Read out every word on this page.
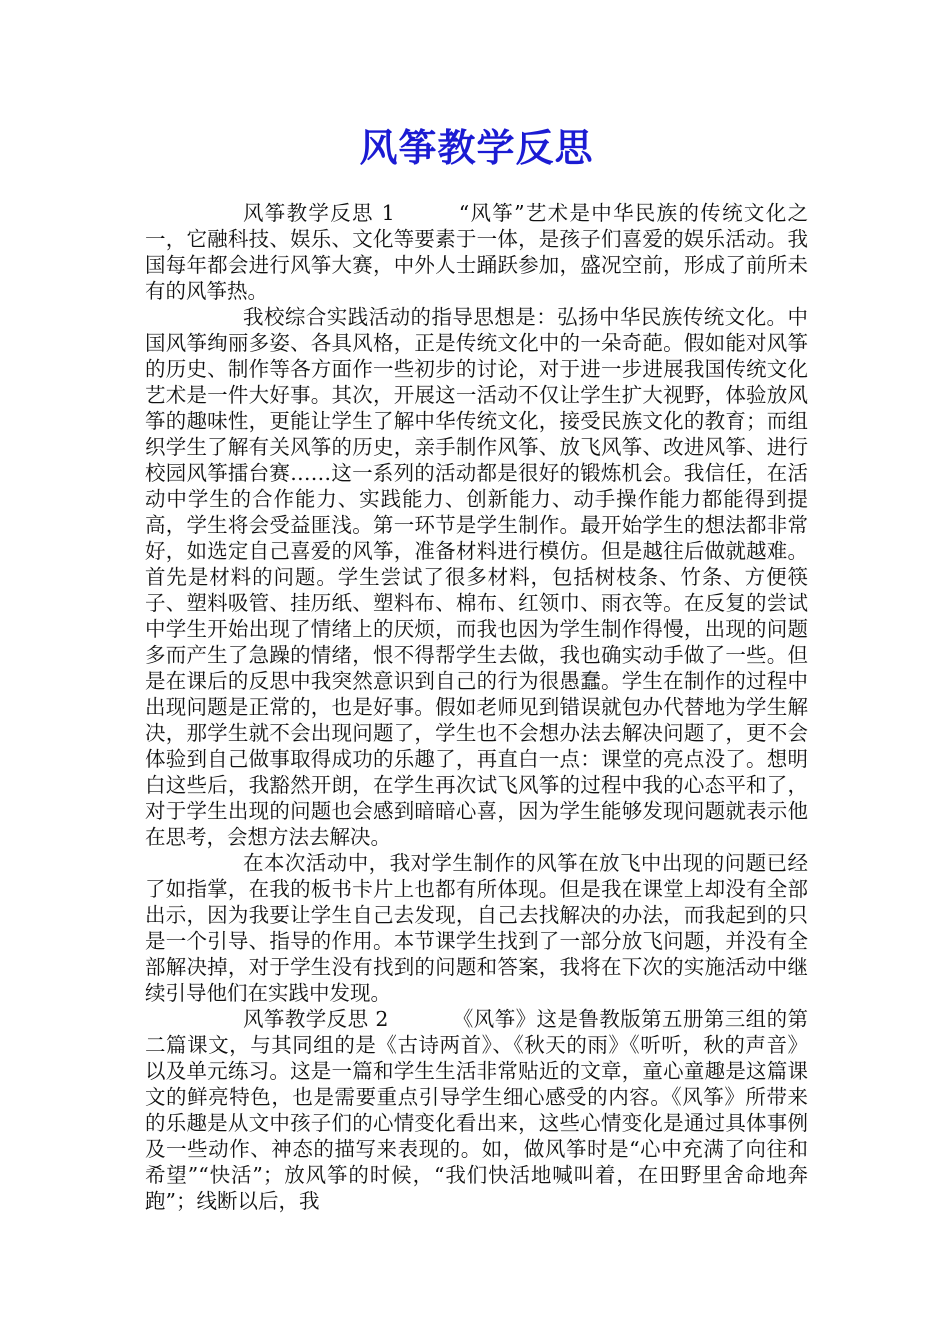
风筝教学反思

风筝教学反思 1	“风筝”艺术是中华民族的传统文化之一，它融科技、娱乐、文化等要素于一体，是孩子们喜爱的娱乐活动。我国每年都会进行风筝大赛，中外人士踊跃参加，盛况空前，形成了前所未有的风筝热。

我校综合实践活动的指导思想是：弘扬中华民族传统文化。中国风筝绚丽多姿、各具风格，正是传统文化中的一朵奇葩。假如能对风筝的历史、制作等各方面作一些初步的讨论，对于进一步进展我国传统文化艺术是一件大好事。其次，开展这一活动不仅让学生扩大视野，体验放风筝的趣味性，更能让学生了解中华传统文化，接受民族文化的教育；而组织学生了解有关风筝的历史，亲手制作风筝、放飞风筝、改进风筝、进行校园风筝擂台赛……这一系列的活动都是很好的锻炼机会。我信任，在活动中学生的合作能力、实践能力、创新能力、动手操作能力都能得到提高，学生将会受益匪浅。第一环节是学生制作。最开始学生的想法都非常好，如选定自己喜爱的风筝，准备材料进行模仿。但是越往后做就越难。首先是材料的问题。学生尝试了很多材料，包括树枝条、竹条、方便筷子、塑料吸管、挂历纸、塑料布、棉布、红领巾、雨衣等。在反复的尝试中学生开始出现了情绪上的厌烦，而我也因为学生制作得慢，出现的问题多而产生了急躁的情绪，恨不得帮学生去做，我也确实动手做了一些。但是在课后的反思中我突然意识到自己的行为很愚蠢。学生在制作的过程中出现问题是正常的，也是好事。假如老师见到错误就包办代替地为学生解决，那学生就不会出现问题了，学生也不会想办法去解决问题了，更不会体验到自己做事取得成功的乐趣了，再直白一点：课堂的亮点没了。想明白这些后，我豁然开朗，在学生再次试飞风筝的过程中我的心态平和了，对于学生出现的问题也会感到暗暗心喜，因为学生能够发现问题就表示他在思考，会想方法去解决。

在本次活动中，我对学生制作的风筝在放飞中出现的问题已经了如指掌，在我的板书卡片上也都有所体现。但是我在课堂上却没有全部出示，因为我要让学生自己去发现，自己去找解决的办法，而我起到的只是一个引导、指导的作用。本节课学生找到了一部分放飞问题，并没有全部解决掉，对于学生没有找到的问题和答案，我将在下次的实施活动中继续引导他们在实践中发现。

风筝教学反思 2	《风筝》这是鲁教版第五册第三组的第二篇课文，与其同组的是《古诗两首》、《秋天的雨》《听听，秋的声音》以及单元练习。这是一篇和学生生活非常贴近的文章，童心童趣是这篇课文的鲜亮特色，也是需要重点引导学生细心感受的内容。《风筝》所带来的乐趣是从文中孩子们的心情变化看出来，这些心情变化是通过具体事例及一些动作、神态的描写来表现的。如，做风筝时是“心中充满了向往和希望”“快活”；放风筝的时候，“我们快活地喊叫着，在田野里舍命地奔跑”；线断以后，我
